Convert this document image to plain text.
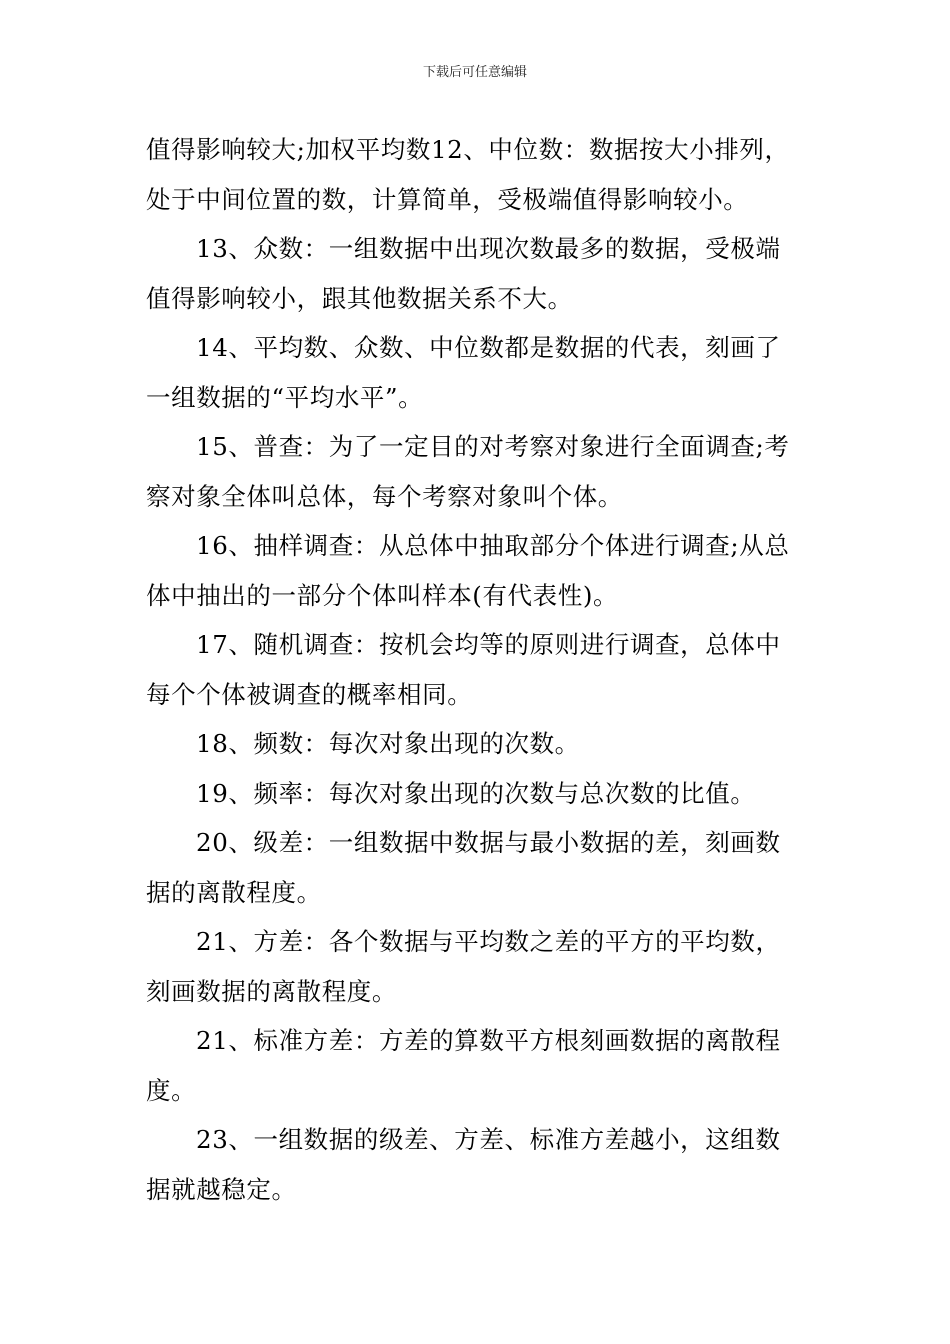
下载后可任意编辑

值得影响较大;加权平均数12、中位数：数据按大小排列，
处于中间位置的数，计算简单，受极端值得影响较小。

13、众数：一组数据中出现次数最多的数据，受极端
值得影响较小，跟其他数据关系不大。

14、平均数、众数、中位数都是数据的代表，刻画了
一组数据的“平均水平”。

15、普查：为了一定目的对考察对象进行全面调查;考
察对象全体叫总体，每个考察对象叫个体。

16、抽样调查：从总体中抽取部分个体进行调查;从总
体中抽出的一部分个体叫样本(有代表性)。

17、随机调查：按机会均等的原则进行调查，总体中
每个个体被调查的概率相同。

18、频数：每次对象出现的次数。

19、频率：每次对象出现的次数与总次数的比值。

20、级差：一组数据中数据与最小数据的差，刻画数
据的离散程度。

21、方差：各个数据与平均数之差的平方的平均数，
刻画数据的离散程度。

21、标准方差：方差的算数平方根刻画数据的离散程
度。

23、一组数据的级差、方差、标准方差越小，这组数
据就越稳定。
